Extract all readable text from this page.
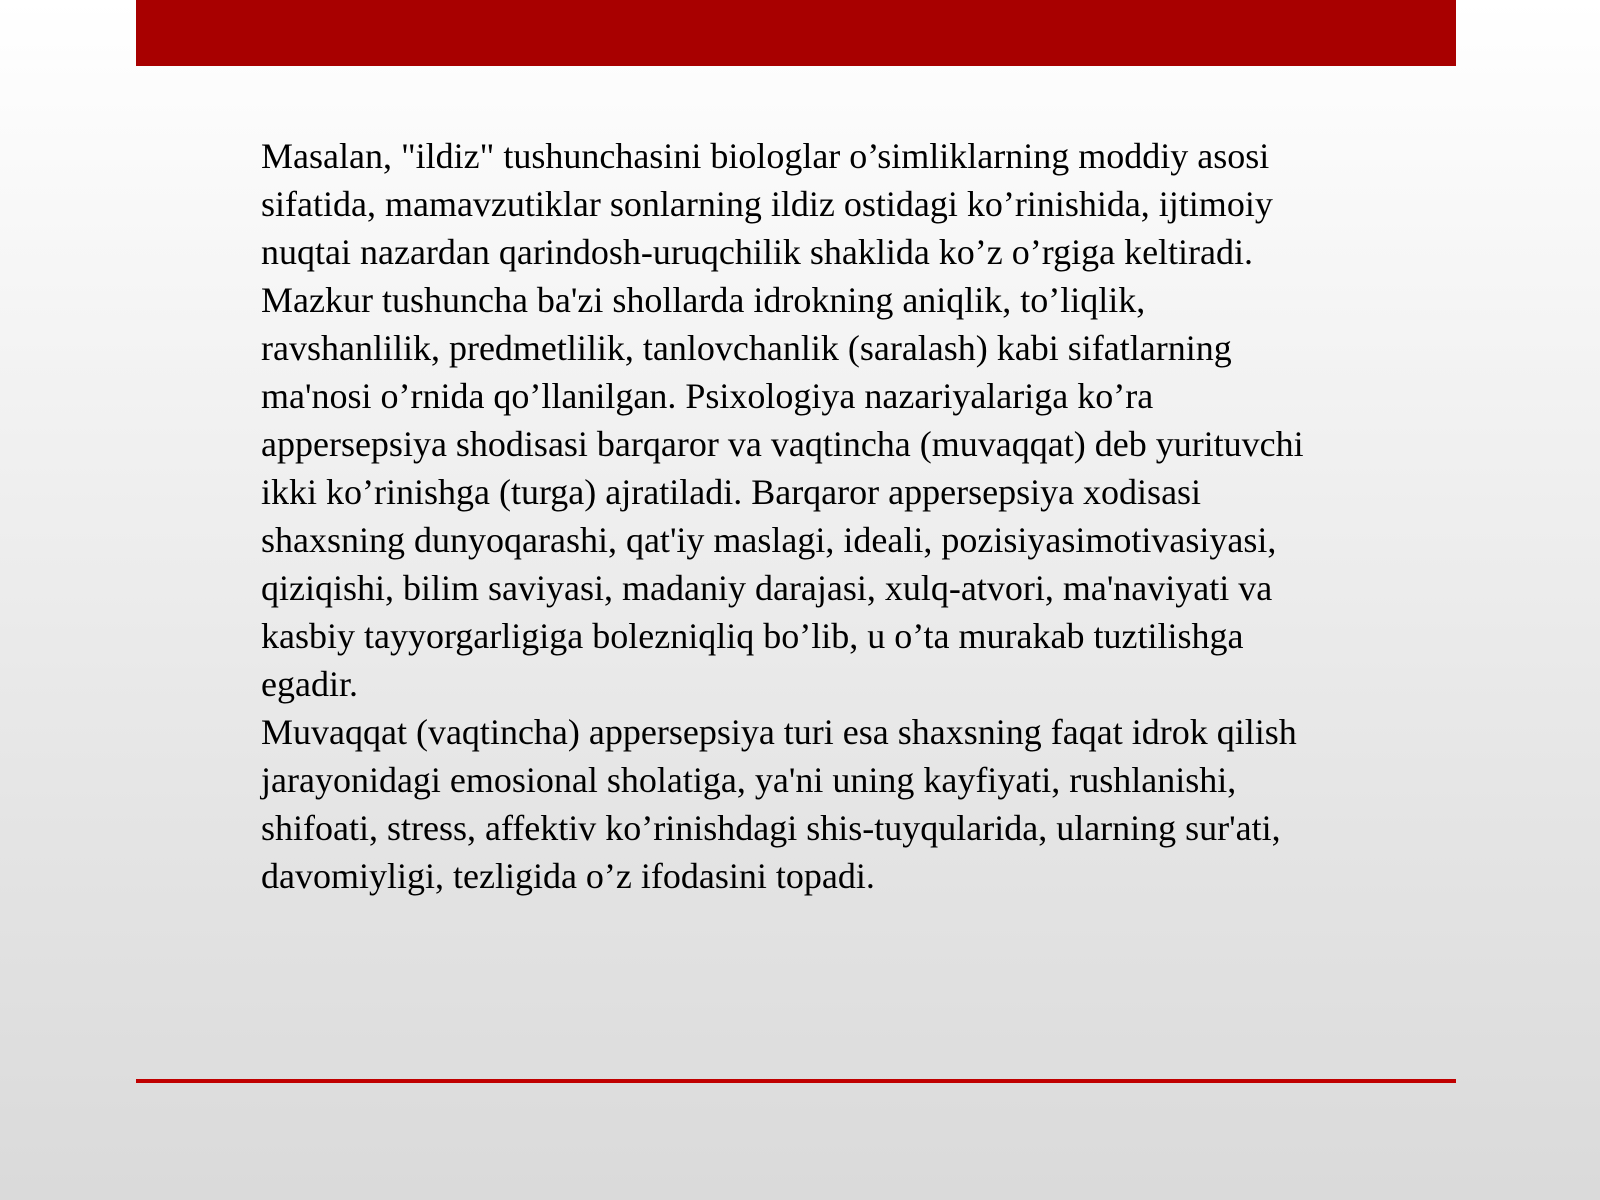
Masalan, "ildiz" tushunchasini biologlar o’simliklarning moddiy asosi
sifatida, mamavzutiklar sonlarning ildiz ostidagi ko’rinishida, ijtimoiy
nuqtai nazardan qarindosh-uruqchilik shaklida ko’z o’rgiga keltiradi.

Mazkur tushuncha ba'zi shollarda idrokning aniqlik, to’liqlik,
ravshanlilik, predmetlilik, tanlovchanlik (saralash) kabi sifatlarning
ma'nosi o’rnida qo’llanilgan. Psixologiya nazariyalariga ko’ra
appersepsiya shodisasi barqaror va vaqtincha (muvaqqat) deb yurituvchi
ikki ko’rinishga (turga) ajratiladi. Barqaror appersepsiya xodisasi
shaxsning dunyoqarashi, qat'iy maslagi, ideali, pozisiyasimotivasiyasi,
qiziqishi, bilim saviyasi, madaniy darajasi, xulq-atvori, ma'naviyati va
kasbiy tayyorgarligiga bolezniqliq bo’lib, u o’ta murakab tuztilishga
egadir.

Muvaqqat (vaqtincha) appersepsiya turi esa shaxsning faqat idrok qilish
jarayonidagi emosional sholatiga, ya'ni uning kayfiyati, rushlanishi,
shifoati, stress, affektiv ko’rinishdagi shis-tuyqularida, ularning sur'ati,
davomiyligi, tezligida o’z ifodasini topadi.
